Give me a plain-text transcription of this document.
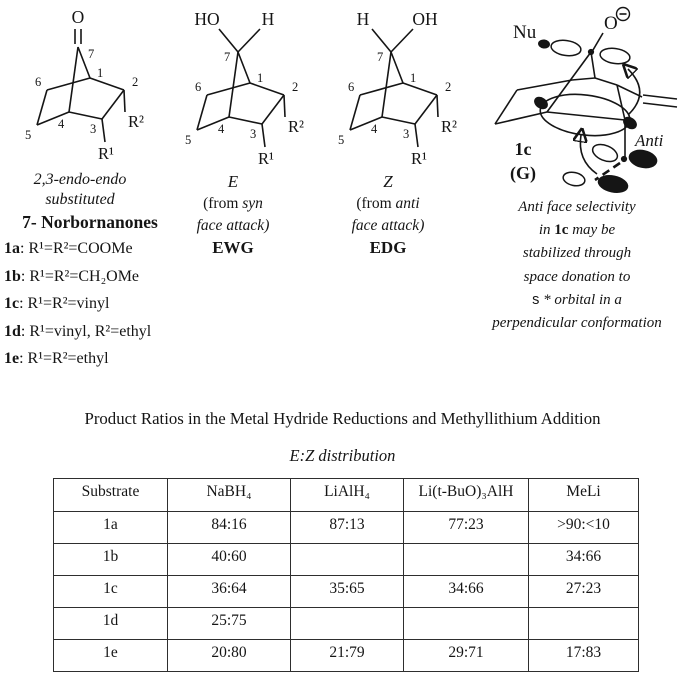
O
7
1
2
3
4
5
6
R²
R¹
2,3-endo-endo
substituted
7- Norbornanones
1a: R¹=R²=COOMe
1b: R¹=R²=CH₂OMe
1c: R¹=R²=vinyl
1d: R¹=vinyl, R²=ethyl
1e: R¹=R²=ethyl
HO H
7
1
2
3
4
5
6
R²
R¹
E
(from syn
face attack)
EWG
H OH
7
1
2
3
4
5
6
R²
R¹
Z
(from anti
face attack)
EDG
O
Nu
Anti
1c
(G)
Anti face selectivity
in 1c may be
stabilized through
space donation to
s * orbital in a
perpendicular conformation
Product Ratios in the Metal Hydride Reductions and Methyllithium Addition
E:Z distribution
Substrate	NaBH₄	LiAlH₄	Li(t-BuO)₃AlH	MeLi
1a	84:16	87:13	77:23	>90:<10
1b	40:60			34:66
1c	36:64	35:65	34:66	27:23
1d	25:75			
1e	20:80	21:79	29:71	17:83
